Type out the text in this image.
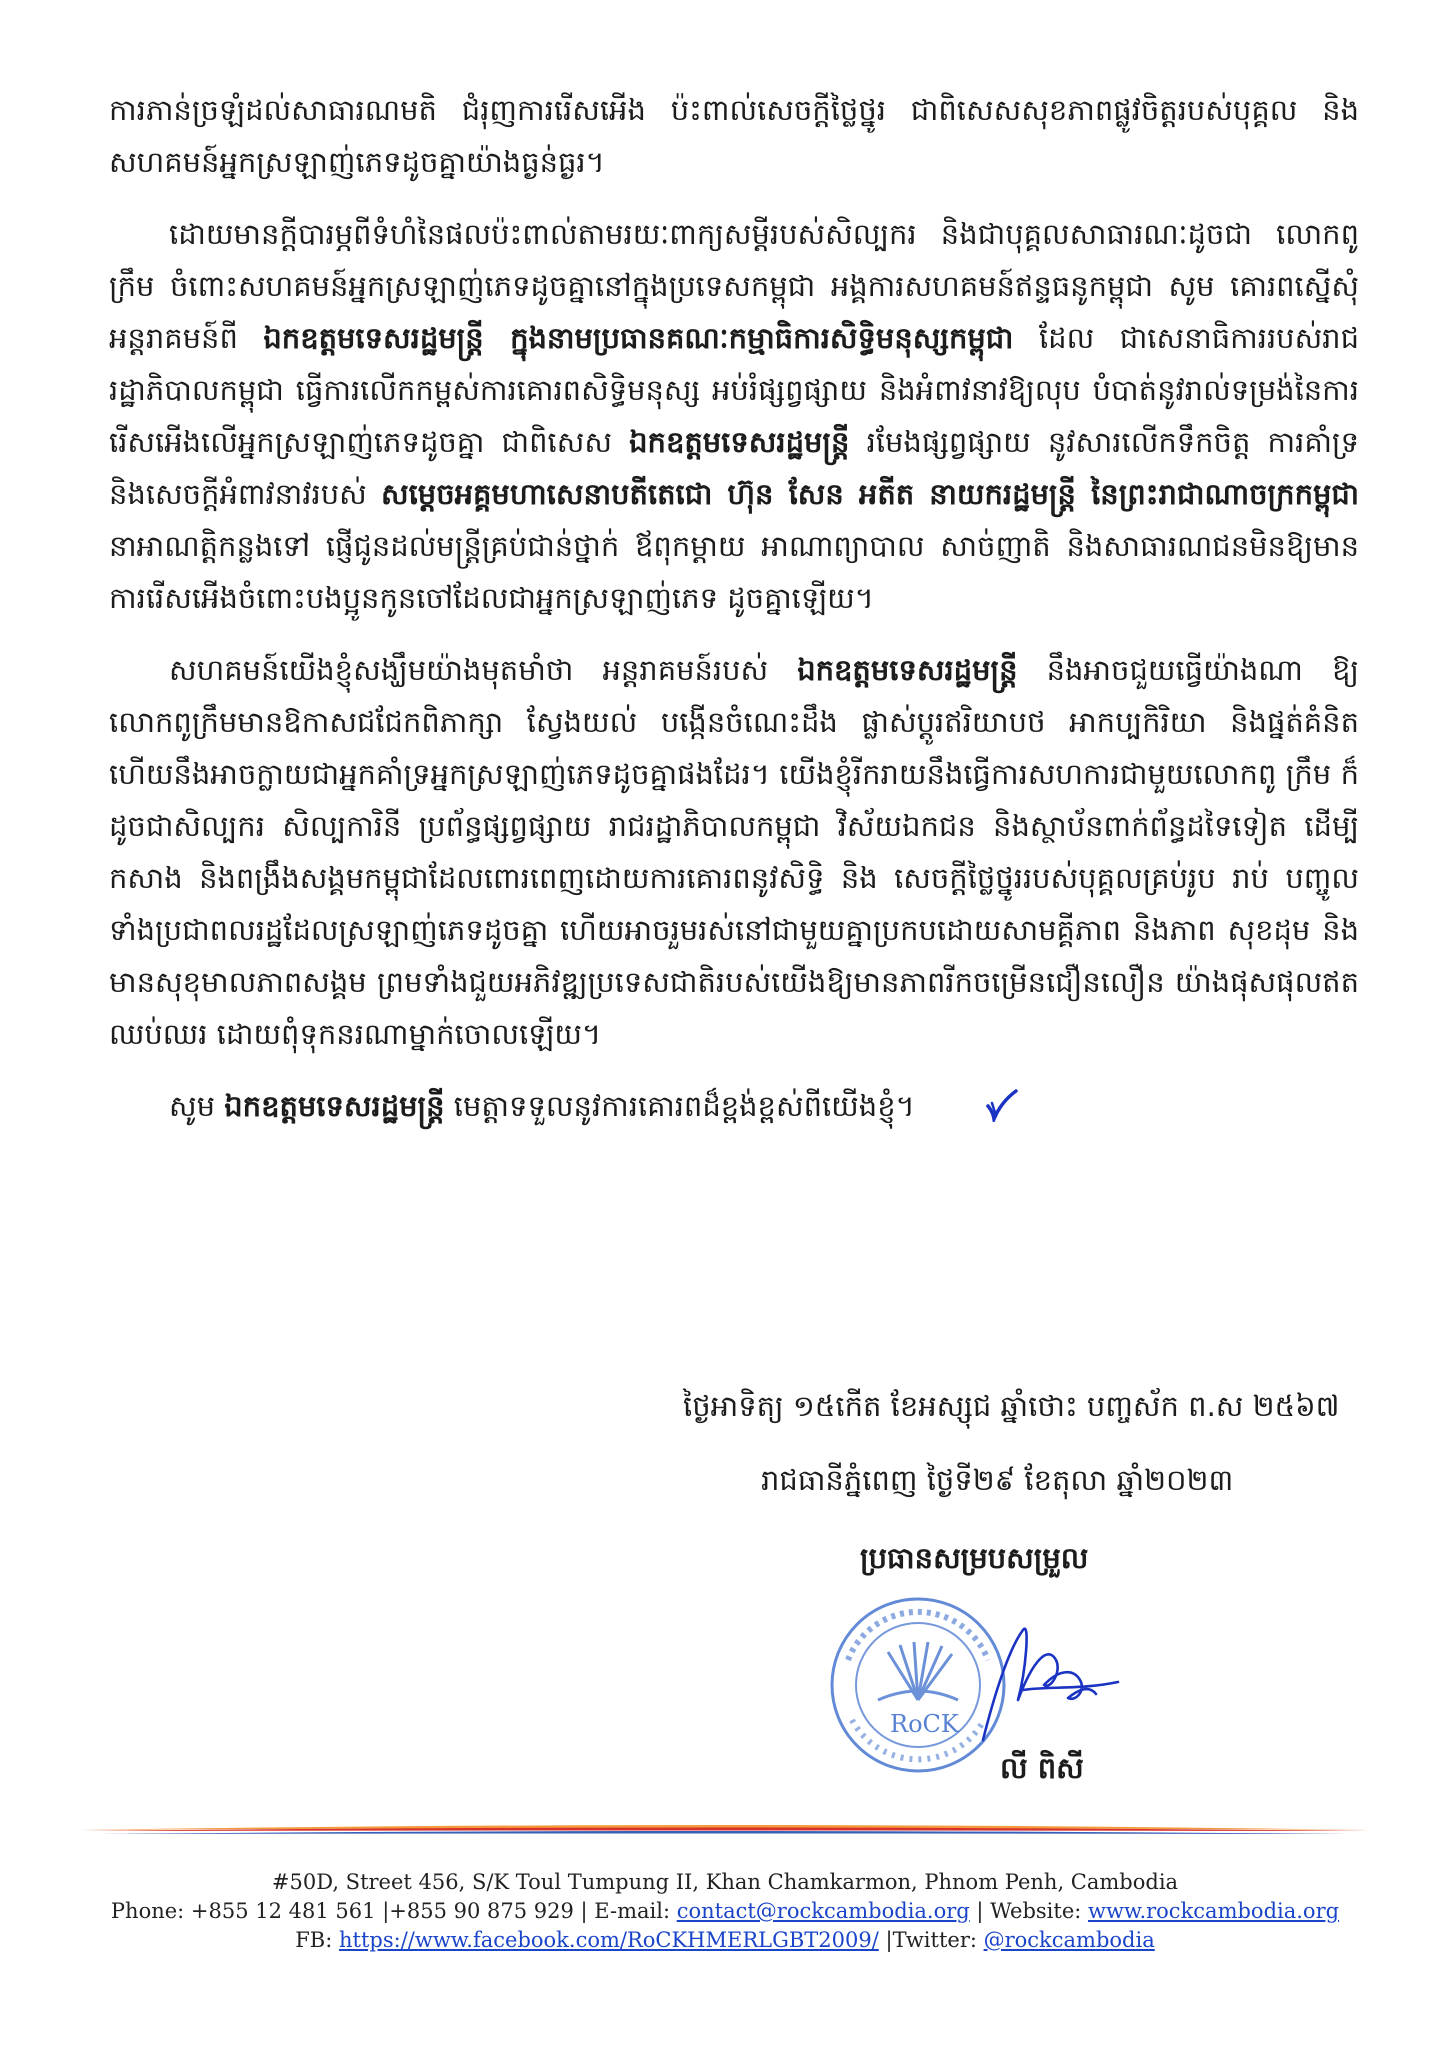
ការភាន់ច្រឡំដល់សាធារណមតិ ជំរុញការរើសអើង ប៉ះពាល់សេចក្តីថ្លៃថ្នូរ ជាពិសេសសុខភាពផ្លូវចិត្តរបស់បុគ្គល និង សហគមន៍អ្នកស្រឡាញ់ភេទដូចគ្នាយ៉ាងធ្ងន់ធ្ងរ។

ដោយមានក្តីបារម្ភពីទំហំនៃផលប៉ះពាល់តាមរយៈពាក្យសម្តីរបស់សិល្បករ និងជាបុគ្គលសាធារណៈដូចជា លោកពូក្រឹម ចំពោះសហគមន៍អ្នកស្រឡាញ់ភេទដូចគ្នានៅក្នុងប្រទេសកម្ពុជា អង្គការសហគមន៍ឥន្ទធនូកម្ពុជា សូម គោរពស្នើសុំអន្តរាគមន៍ពី ឯកឧត្តមទេសរដ្ឋមន្ត្រី ក្នុងនាមប្រធានគណៈកម្មាធិការសិទ្ធិមនុស្សកម្ពុជា ដែល ជាសេនាធិការរបស់រាជរដ្ឋាភិបាលកម្ពុជា ធ្វើការលើកកម្ពស់ការគោរពសិទ្ធិមនុស្ស អប់រំផ្សព្វផ្សាយ និងអំពាវនាវឱ្យលុប បំបាត់នូវរាល់ទម្រង់នៃការរើសអើងលើអ្នកស្រឡាញ់ភេទដូចគ្នា ជាពិសេស ឯកឧត្តមទេសរដ្ឋមន្ត្រី រមែងផ្សព្វផ្សាយ នូវសារលើកទឹកចិត្ត ការគាំទ្រ និងសេចក្តីអំពាវនាវរបស់ សម្តេចអគ្គមហាសេនាបតីតេជោ ហ៊ុន សែន អតីត នាយករដ្ឋមន្ត្រី នៃព្រះរាជាណាចក្រកម្ពុជា នាអាណត្តិកន្លងទៅ ផ្ញើជូនដល់មន្ត្រីគ្រប់ជាន់ថ្នាក់ ឪពុកម្តាយ អាណាព្យាបាល សាច់ញាតិ និងសាធារណជនមិនឱ្យមានការរើសអើងចំពោះបងប្អូនកូនចៅដែលជាអ្នកស្រឡាញ់ភេទ ដូចគ្នាឡើយ។

សហគមន៍យើងខ្ញុំសង្ឃឹមយ៉ាងមុតមាំថា អន្តរាគមន៍របស់ ឯកឧត្តមទេសរដ្ឋមន្ត្រី នឹងអាចជួយធ្វើយ៉ាងណា ឱ្យលោកពូក្រឹមមានឱកាសជជែកពិភាក្សា ស្វែងយល់ បង្កើនចំណេះដឹង ផ្លាស់ប្តូរឥរិយាបថ អាកប្បកិរិយា និងផ្នត់គំនិត ហើយនឹងអាចក្លាយជាអ្នកគាំទ្រអ្នកស្រឡាញ់ភេទដូចគ្នាផងដែរ។ យើងខ្ញុំរីករាយនឹងធ្វើការសហការជាមួយលោកពូ ក្រឹម ក៏ដូចជាសិល្បករ សិល្បការិនី ប្រព័ន្ធផ្សព្វផ្សាយ រាជរដ្ឋាភិបាលកម្ពុជា វិស័យឯកជន និងស្ថាប័នពាក់ព័ន្ធដទៃទៀត ដើម្បីកសាង និងពង្រឹងសង្គមកម្ពុជាដែលពោរពេញដោយការគោរពនូវសិទ្ធិ និង សេចក្តីថ្លៃថ្នូររបស់បុគ្គលគ្រប់រូប រាប់ បញ្ចូលទាំងប្រជាពលរដ្ឋដែលស្រឡាញ់ភេទដូចគ្នា ហើយអាចរួមរស់នៅជាមួយគ្នាប្រកបដោយសាមគ្គីភាព និងភាព សុខដុម និងមានសុខុមាលភាពសង្គម ព្រមទាំងជួយអភិវឌ្ឍប្រទេសជាតិរបស់យើងឱ្យមានភាពរីកចម្រើនជឿនលឿន យ៉ាងផុសផុលឥតឈប់ឈរ ដោយពុំទុកនរណាម្នាក់ចោលឡើយ។

សូម ឯកឧត្តមទេសរដ្ឋមន្ត្រី មេត្តាទទួលនូវការគោរពដ៏ខ្ពង់ខ្ពស់ពីយើងខ្ញុំ។

ថ្ងៃអាទិត្យ ១៥កើត ខែអស្សុជ ឆ្នាំថោះ បញ្ចស័ក ព.ស ២៥៦៧
រាជធានីភ្នំពេញ ថ្ងៃទី២៩ ខែតុលា ឆ្នាំ២០២៣
ប្រធានសម្របសម្រួល
RoCK
លី ពិសី
#50D, Street 456, S/K Toul Tumpung II, Khan Chamkarmon, Phnom Penh, Cambodia
Phone: +855 12 481 561 |+855 90 875 929 | E-mail: contact@rockcambodia.org | Website: www.rockcambodia.org
FB: https://www.facebook.com/RoCKHMERLGBT2009/ |Twitter: @rockcambodia
